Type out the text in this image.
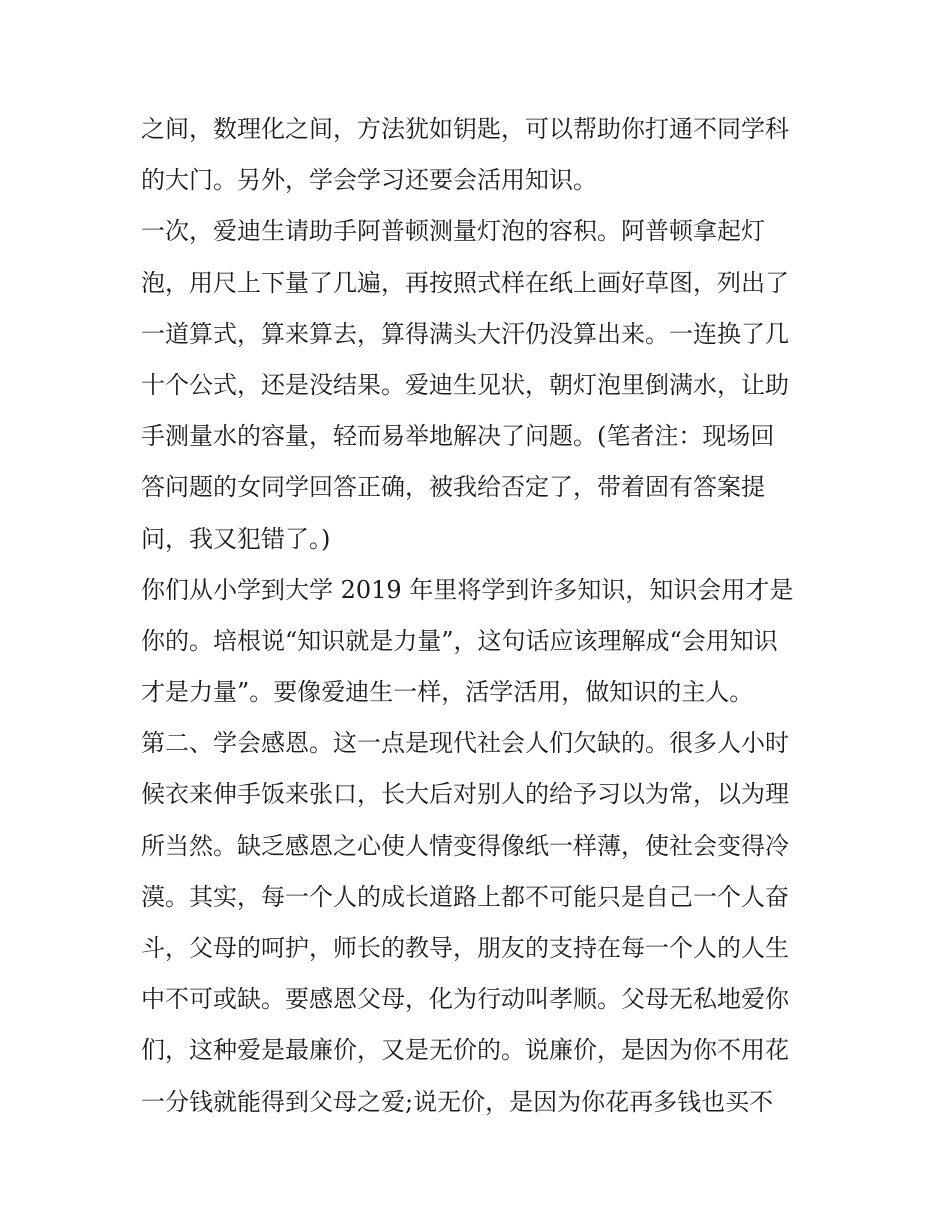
之间，数理化之间，方法犹如钥匙，可以帮助你打通不同学科
的大门。另外，学会学习还要会活用知识。
一次，爱迪生请助手阿普顿测量灯泡的容积。阿普顿拿起灯
泡，用尺上下量了几遍，再按照式样在纸上画好草图，列出了
一道算式，算来算去，算得满头大汗仍没算出来。一连换了几
十个公式，还是没结果。爱迪生见状，朝灯泡里倒满水，让助
手测量水的容量，轻而易举地解决了问题。(笔者注：现场回
答问题的女同学回答正确，被我给否定了，带着固有答案提
问，我又犯错了。)
你们从小学到大学 2019 年里将学到许多知识，知识会用才是
你的。培根说“知识就是力量”，这句话应该理解成“会用知识
才是力量”。要像爱迪生一样，活学活用，做知识的主人。
第二、学会感恩。这一点是现代社会人们欠缺的。很多人小时
候衣来伸手饭来张口，长大后对别人的给予习以为常，以为理
所当然。缺乏感恩之心使人情变得像纸一样薄，使社会变得冷
漠。其实，每一个人的成长道路上都不可能只是自己一个人奋
斗，父母的呵护，师长的教导，朋友的支持在每一个人的人生
中不可或缺。要感恩父母，化为行动叫孝顺。父母无私地爱你
们，这种爱是最廉价，又是无价的。说廉价，是因为你不用花
一分钱就能得到父母之爱;说无价，是因为你花再多钱也买不
